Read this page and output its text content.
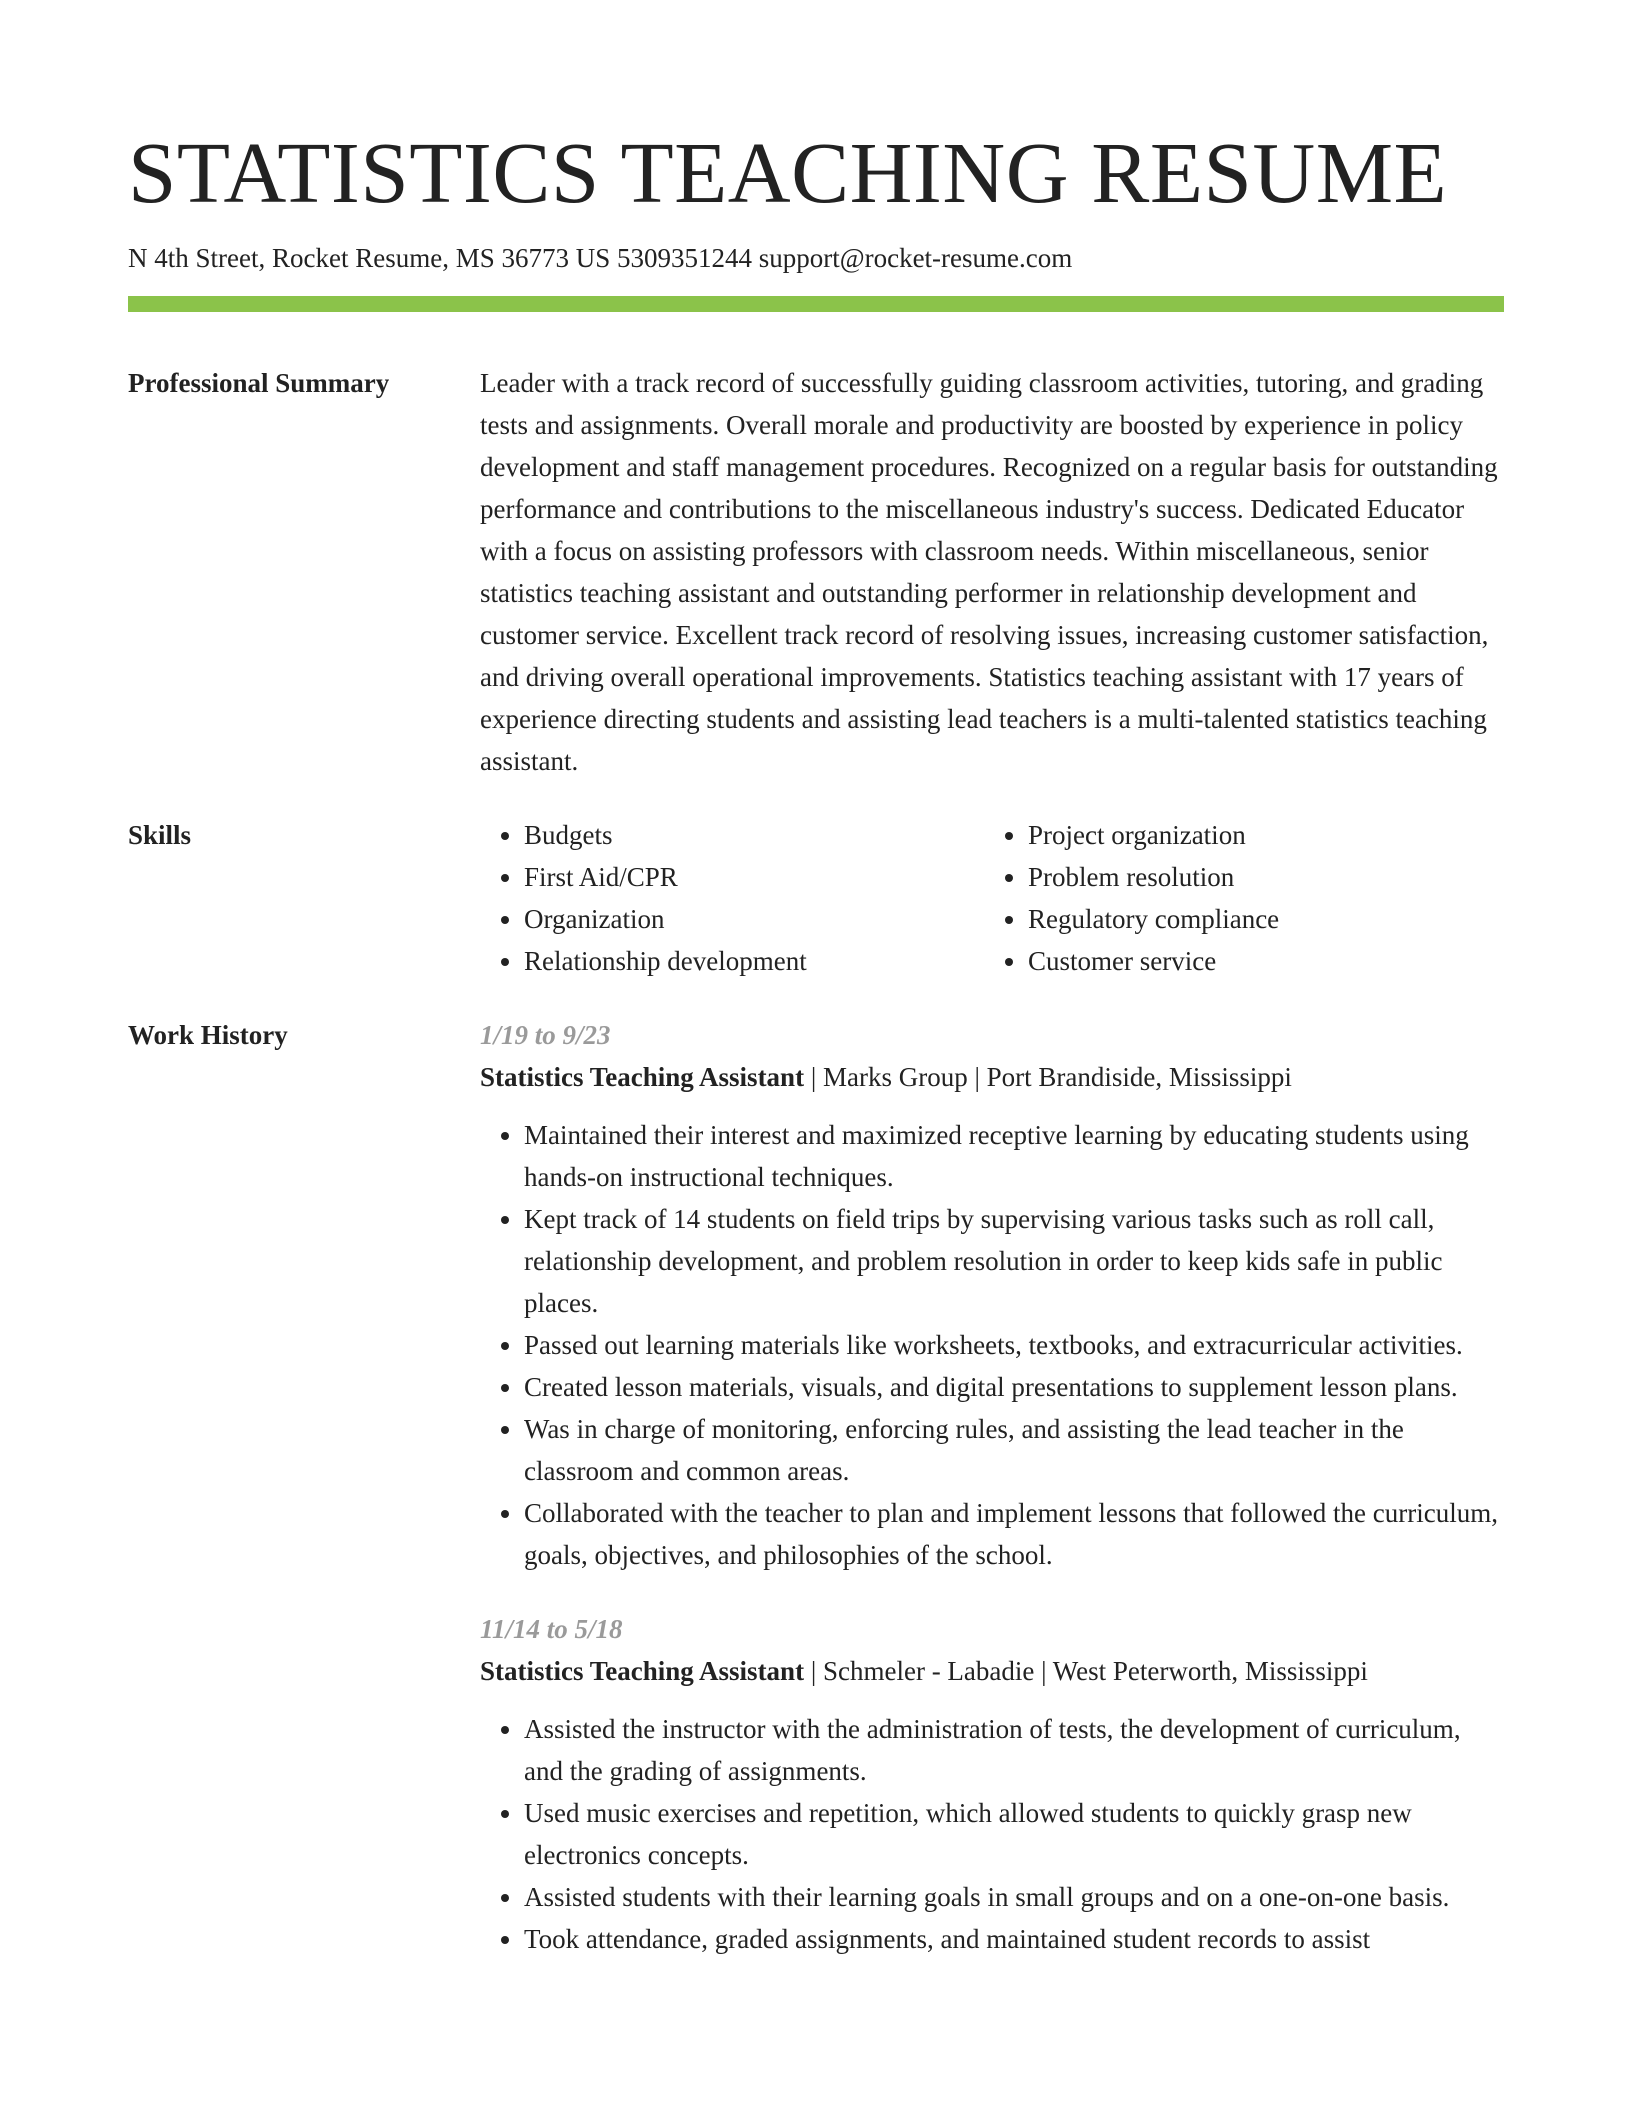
STATISTICS TEACHING RESUME
N 4th Street, Rocket Resume, MS 36773 US 5309351244 support@rocket-resume.com
Professional Summary	Leader with a track record of successfully guiding classroom activities, tutoring, and grading tests and assignments. Overall morale and productivity are boosted by experience in policy development and staff management procedures. Recognized on a regular basis for outstanding performance and contributions to the miscellaneous industry's success. Dedicated Educator with a focus on assisting professors with classroom needs. Within miscellaneous, senior statistics teaching assistant and outstanding performer in relationship development and customer service. Excellent track record of resolving issues, increasing customer satisfaction, and driving overall operational improvements. Statistics teaching assistant with 17 years of experience directing students and assisting lead teachers is a multi-talented statistics teaching assistant.

Skills
•	Budgets
• First Aid/CPR
• Organization
• Relationship development
• Project organization
• Problem resolution
• Regulatory compliance
• Customer service
Work History	1/19 to 9/23
Statistics Teaching Assistant | Marks Group | Port Brandiside, Mississippi
• Maintained their interest and maximized receptive learning by educating students using hands-on instructional techniques.
• Kept track of 14 students on field trips by supervising various tasks such as roll call, relationship development, and problem resolution in order to keep kids safe in public places.
• Passed out learning materials like worksheets, textbooks, and extracurricular activities.
• Created lesson materials, visuals, and digital presentations to supplement lesson plans.
• Was in charge of monitoring, enforcing rules, and assisting the lead teacher in the classroom and common areas.
• Collaborated with the teacher to plan and implement lessons that followed the curriculum, goals, objectives, and philosophies of the school.
11/14 to 5/18
Statistics Teaching Assistant | Schmeler - Labadie | West Peterworth, Mississippi
• Assisted the instructor with the administration of tests, the development of curriculum, and the grading of assignments.
• Used music exercises and repetition, which allowed students to quickly grasp new electronics concepts.
• Assisted students with their learning goals in small groups and on a one-on-one basis.
• Took attendance, graded assignments, and maintained student records to assist
